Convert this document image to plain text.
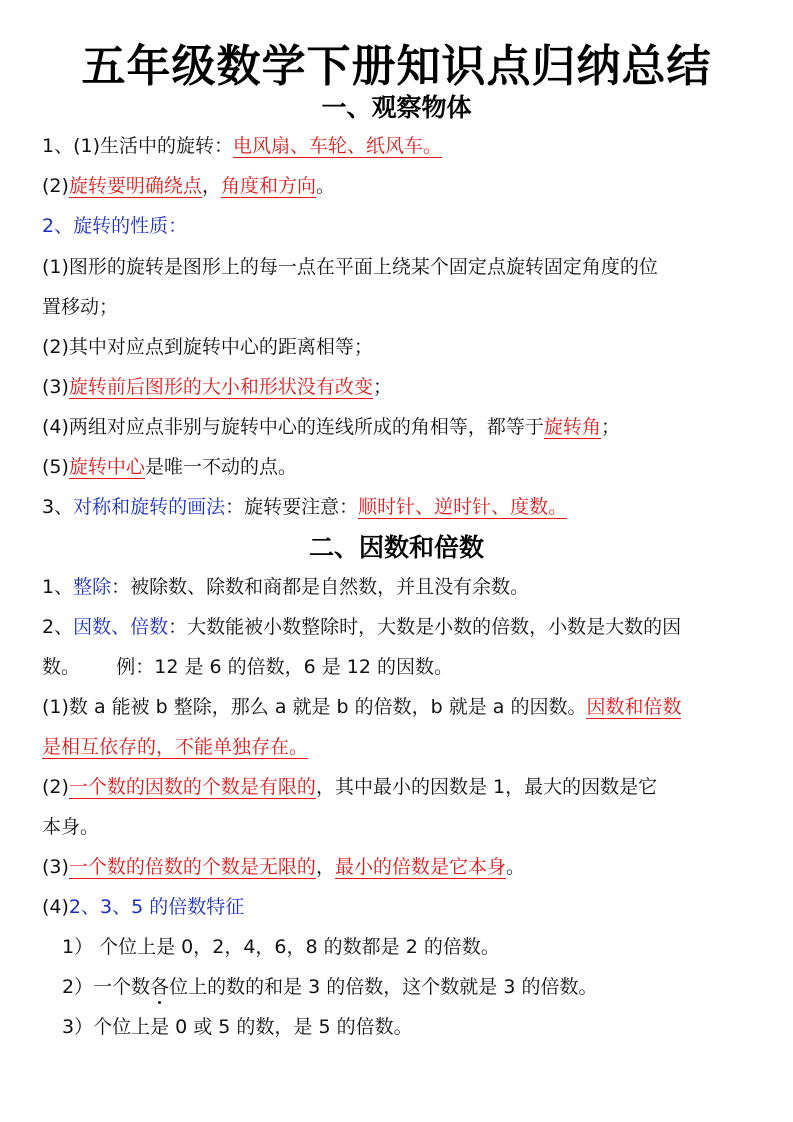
五年级数学下册知识点归纳总结
一、观察物体
1、(1)生活中的旋转：电风扇、车轮、纸风车。
(2)旋转要明确绕点，角度和方向。
2、旋转的性质：
(1)图形的旋转是图形上的每一点在平面上绕某个固定点旋转固定角度的位
置移动；
(2)其中对应点到旋转中心的距离相等；
(3)旋转前后图形的大小和形状没有改变；
(4)两组对应点非别与旋转中心的连线所成的角相等，都等于旋转角；
(5)旋转中心是唯一不动的点。
3、对称和旋转的画法：旋转要注意：顺时针、逆时针、度数。
二、因数和倍数
1、整除：被除数、除数和商都是自然数，并且没有余数。
2、因数、倍数：大数能被小数整除时，大数是小数的倍数，小数是大数的因
数。      例：12 是 6 的倍数，6 是 12 的因数。
(1)数 a 能被 b 整除，那么 a 就是 b 的倍数，b 就是 a 的因数。因数和倍数
是相互依存的，不能单独存在。
(2)一个数的因数的个数是有限的，其中最小的因数是 1，最大的因数是它
本身。
(3)一个数的倍数的个数是无限的，最小的倍数是它本身。
(4)2、3、5 的倍数特征
1） 个位上是 0，2，4，6，8 的数都是 2 的倍数。
2）一个数各位上的数的和是 3 的倍数，这个数就是 3 的倍数。
3）个位上是 0 或 5 的数，是 5 的倍数。
